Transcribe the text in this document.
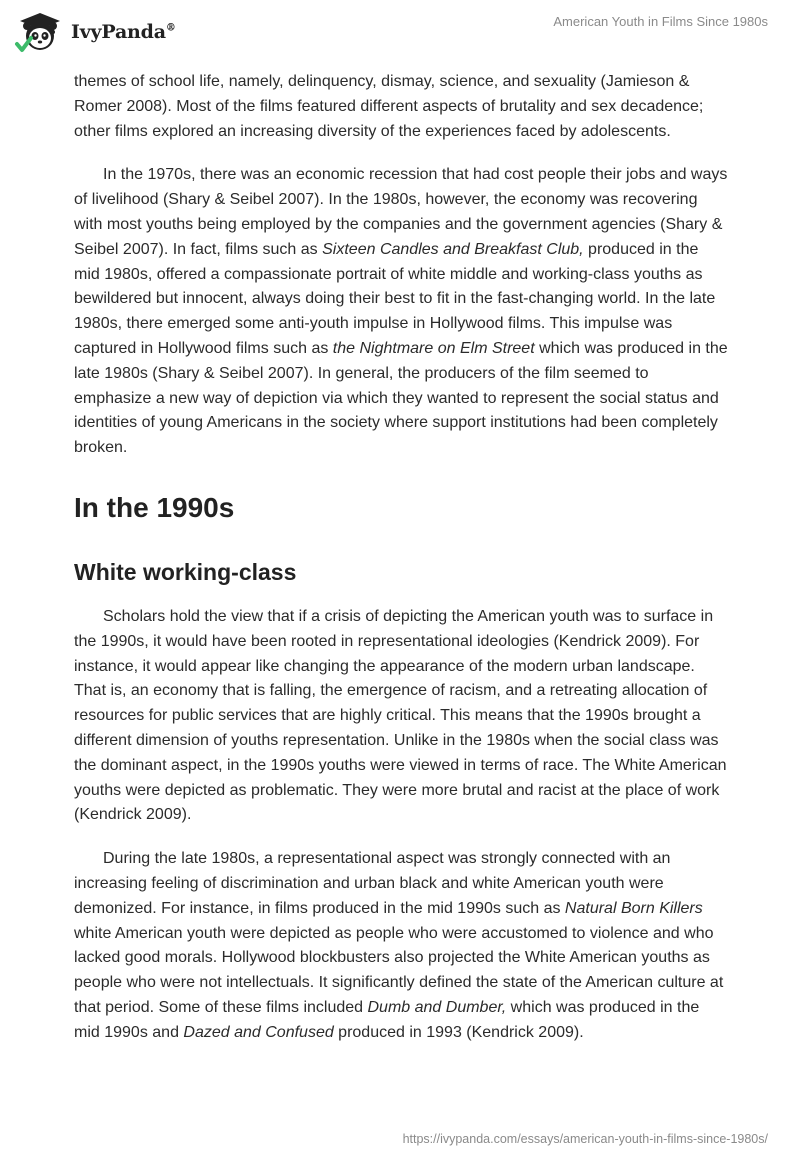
IvyPanda®	American Youth in Films Since 1980s

themes of school life, namely, delinquency, dismay, science, and sexuality (Jamieson & Romer 2008). Most of the films featured different aspects of brutality and sex decadence; other films explored an increasing diversity of the experiences faced by adolescents.

In the 1970s, there was an economic recession that had cost people their jobs and ways of livelihood (Shary & Seibel 2007). In the 1980s, however, the economy was recovering with most youths being employed by the companies and the government agencies (Shary & Seibel 2007). In fact, films such as Sixteen Candles and Breakfast Club, produced in the mid 1980s, offered a compassionate portrait of white middle and working-class youths as bewildered but innocent, always doing their best to fit in the fast-changing world. In the late 1980s, there emerged some anti-youth impulse in Hollywood films. This impulse was captured in Hollywood films such as the Nightmare on Elm Street which was produced in the late 1980s (Shary & Seibel 2007). In general, the producers of the film seemed to emphasize a new way of depiction via which they wanted to represent the social status and identities of young Americans in the society where support institutions had been completely broken.

In the 1990s
White working-class

Scholars hold the view that if a crisis of depicting the American youth was to surface in the 1990s, it would have been rooted in representational ideologies (Kendrick 2009). For instance, it would appear like changing the appearance of the modern urban landscape. That is, an economy that is falling, the emergence of racism, and a retreating allocation of resources for public services that are highly critical. This means that the 1990s brought a different dimension of youths representation. Unlike in the 1980s when the social class was the dominant aspect, in the 1990s youths were viewed in terms of race. The White American youths were depicted as problematic. They were more brutal and racist at the place of work (Kendrick 2009).

During the late 1980s, a representational aspect was strongly connected with an increasing feeling of discrimination and urban black and white American youth were demonized. For instance, in films produced in the mid 1990s such as Natural Born Killers white American youth were depicted as people who were accustomed to violence and who lacked good morals. Hollywood blockbusters also projected the White American youths as people who were not intellectuals. It significantly defined the state of the American culture at that period. Some of these films included Dumb and Dumber, which was produced in the mid 1990s and Dazed and Confused produced in 1993 (Kendrick 2009).

https://ivypanda.com/essays/american-youth-in-films-since-1980s/
